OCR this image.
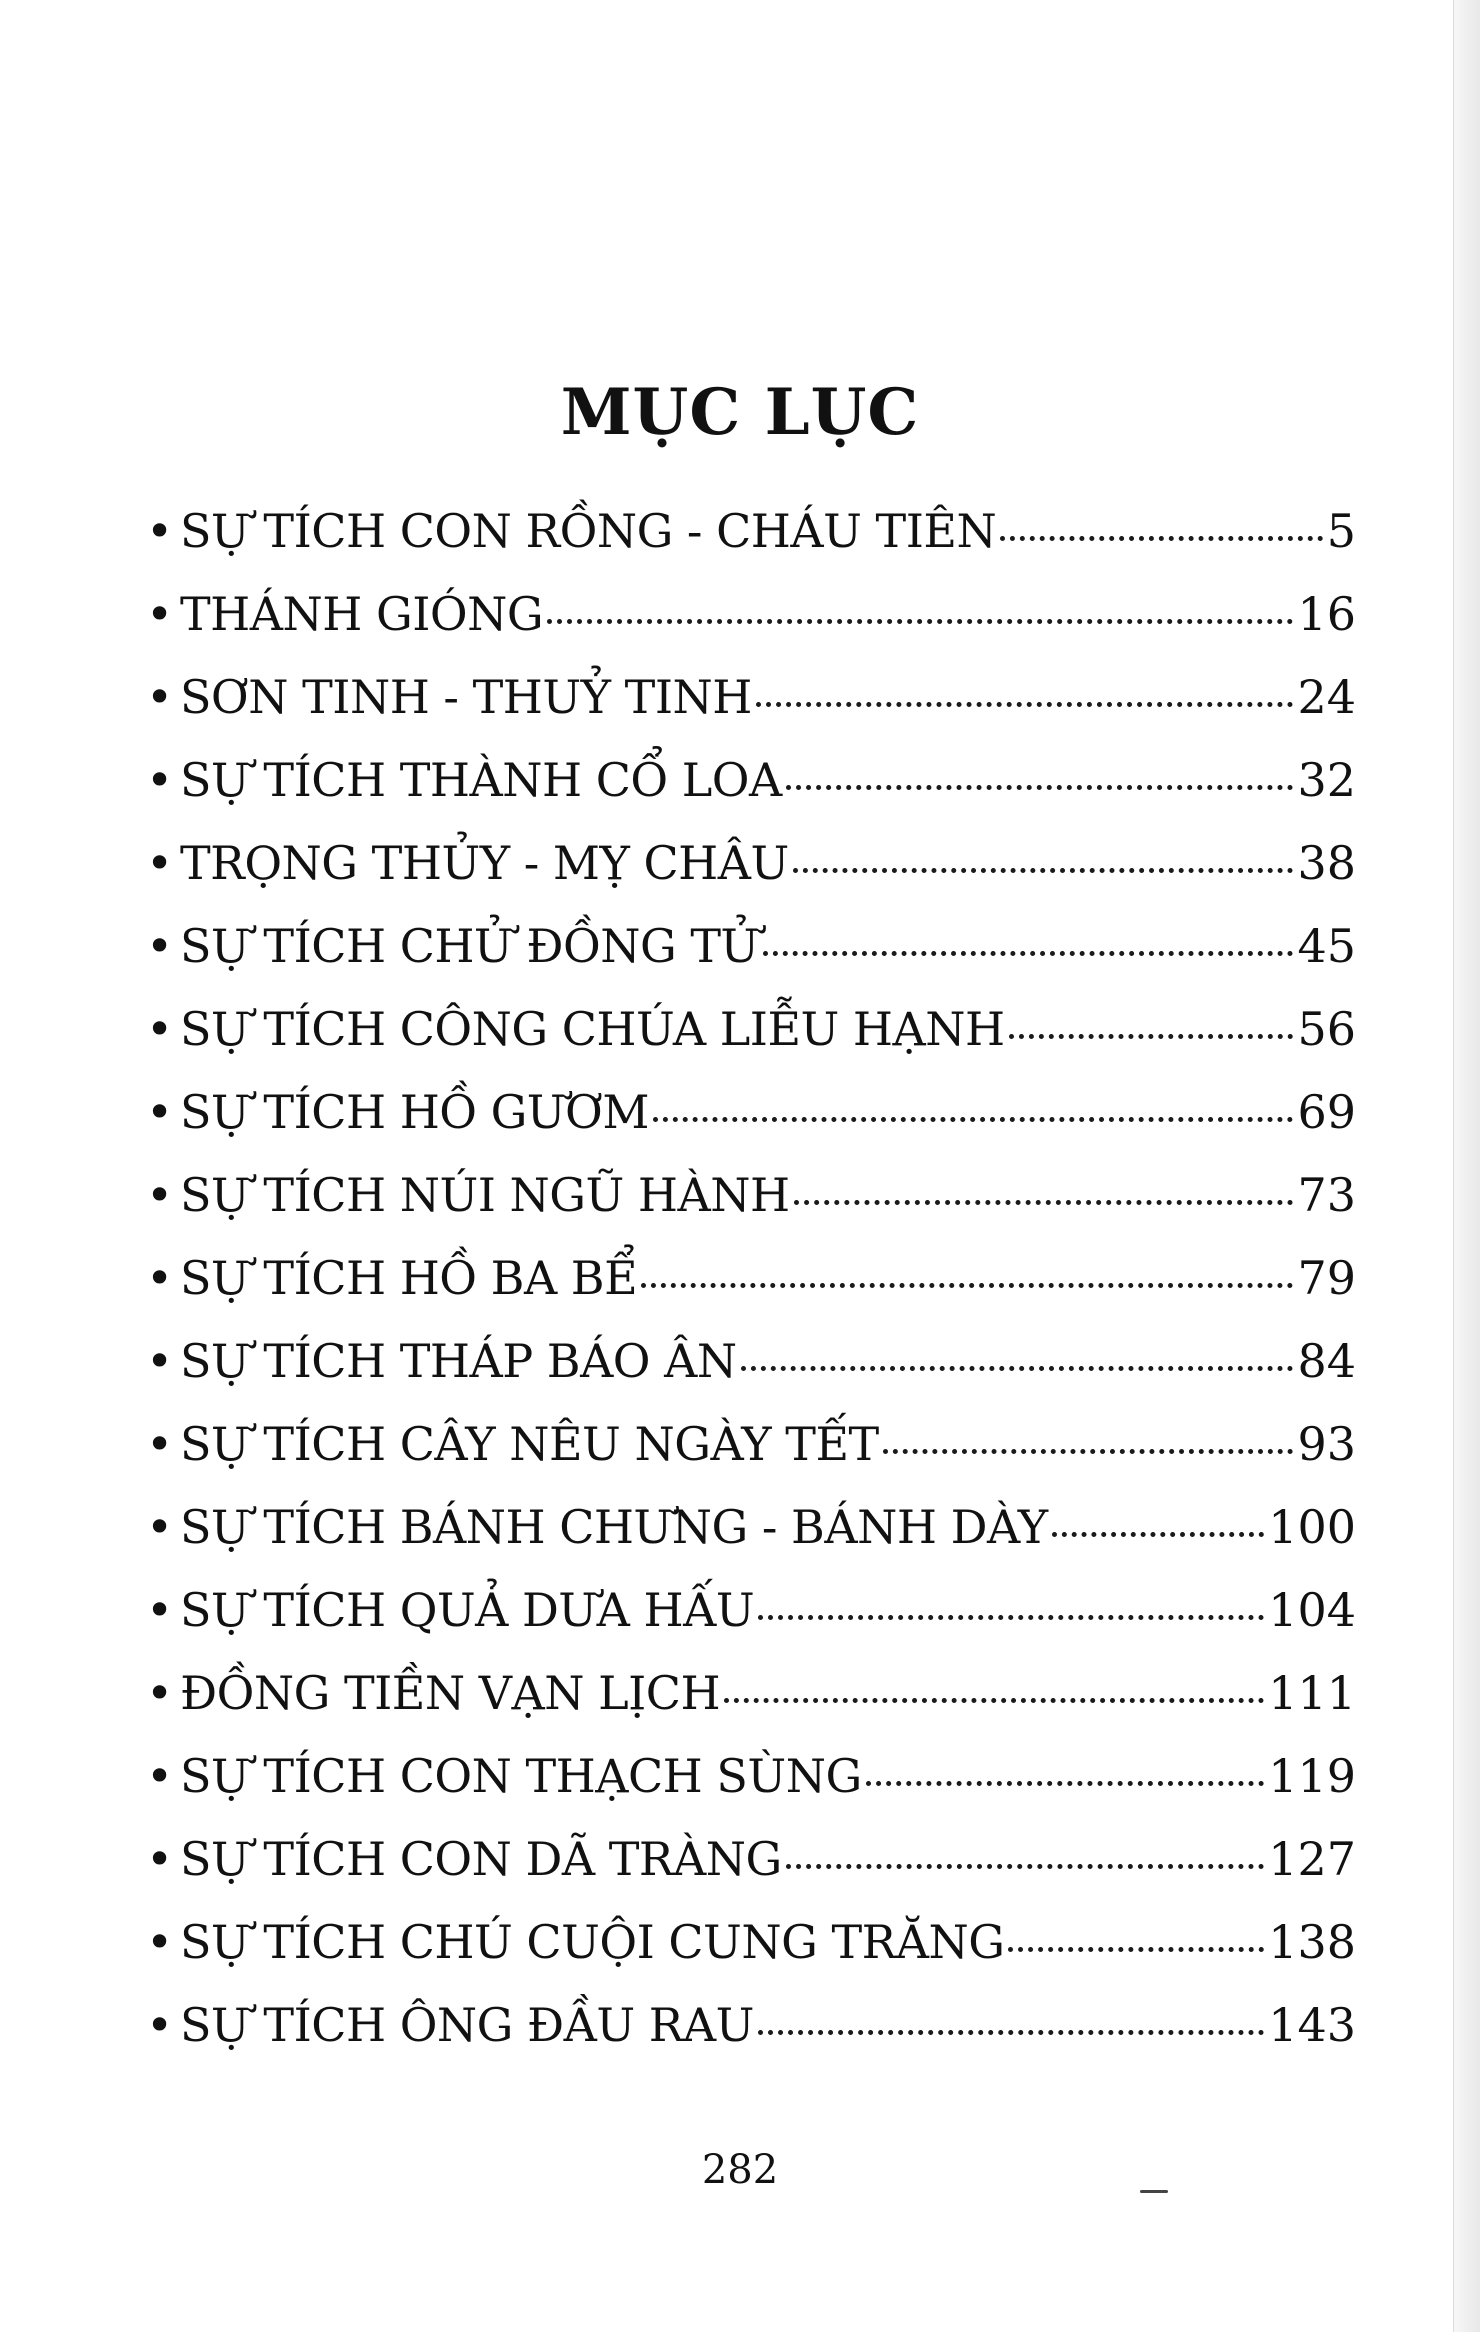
MỤC LỤC
• SỰ TÍCH CON RỒNG - CHÁU TIÊN	5
• THÁNH GIÓNG	16
• SƠN TINH - THUỶ TINH	24
• SỰ TÍCH THÀNH CỔ LOA	32
• TRỌNG THỦY - MỴ CHÂU	38
• SỰ TÍCH CHỬ ĐỒNG TỬ	45
• SỰ TÍCH CÔNG CHÚA LIỄU HẠNH	56
• SỰ TÍCH HỒ GƯƠM	69
• SỰ TÍCH NÚI NGŨ HÀNH	73
• SỰ TÍCH HỒ BA BỂ	79
• SỰ TÍCH THÁP BÁO ÂN	84
• SỰ TÍCH CÂY NÊU NGÀY TẾT	93
• SỰ TÍCH BÁNH CHƯNG - BÁNH DÀY	100
• SỰ TÍCH QUẢ DƯA HẤU	104
• ĐỒNG TIỀN VẠN LỊCH	111
• SỰ TÍCH CON THẠCH SÙNG	119
• SỰ TÍCH CON DÃ TRÀNG	127
• SỰ TÍCH CHÚ CUỘI CUNG TRĂNG	138
• SỰ TÍCH ÔNG ĐẦU RAU	143
282
